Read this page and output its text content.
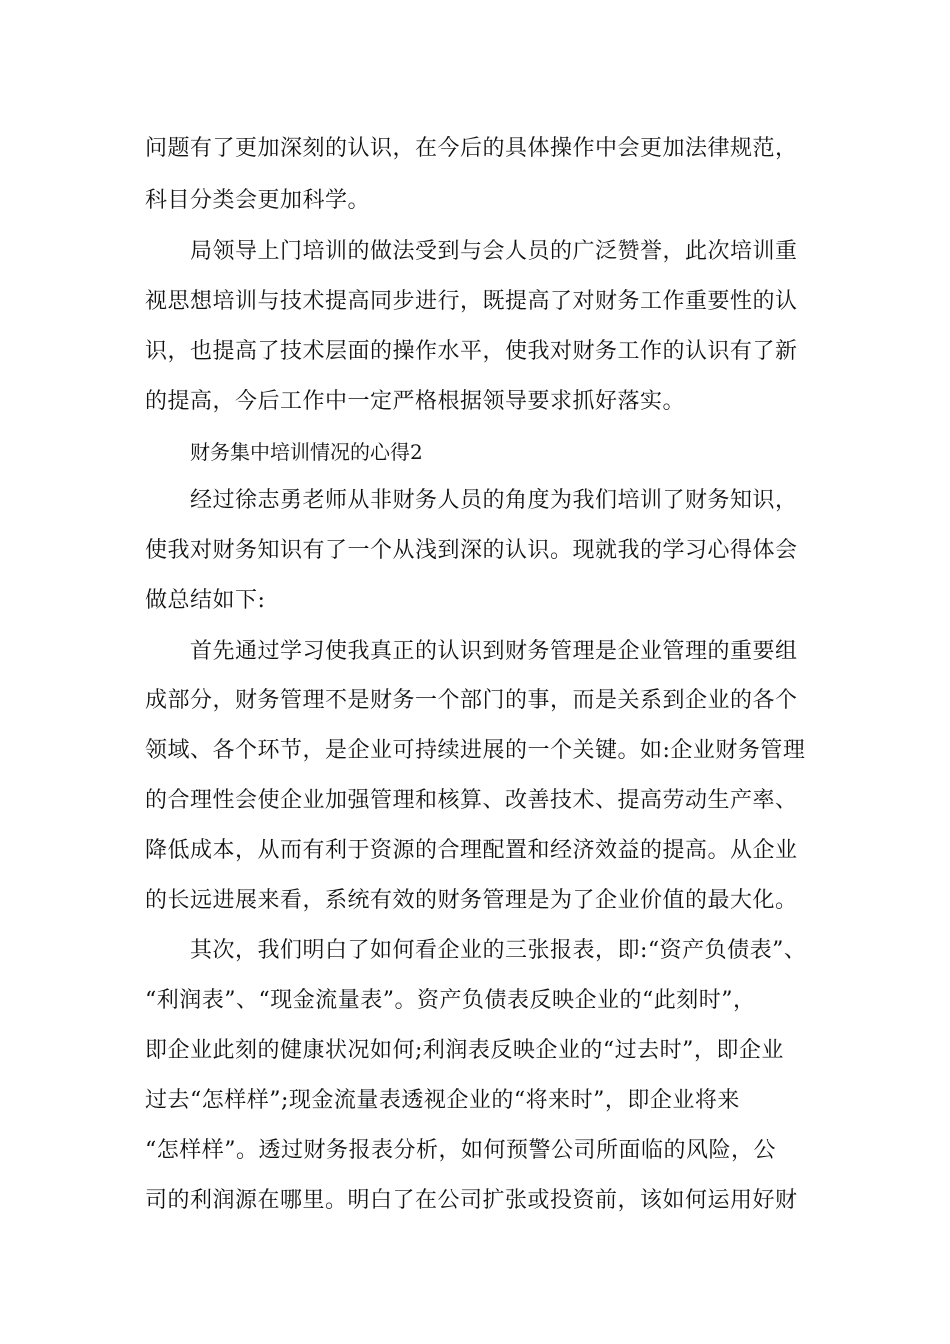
问题有了更加深刻的认识，在今后的具体操作中会更加法律规范，

科目分类会更加科学。

局领导上门培训的做法受到与会人员的广泛赞誉，此次培训重

视思想培训与技术提高同步进行，既提高了对财务工作重要性的认

识，也提高了技术层面的操作水平，使我对财务工作的认识有了新

的提高，今后工作中一定严格根据领导要求抓好落实。

财务集中培训情况的心得2

经过徐志勇老师从非财务人员的角度为我们培训了财务知识，

使我对财务知识有了一个从浅到深的认识。现就我的学习心得体会

做总结如下:

首先通过学习使我真正的认识到财务管理是企业管理的重要组

成部分，财务管理不是财务一个部门的事，而是关系到企业的各个

领域、各个环节，是企业可持续进展的一个关键。如:企业财务管理

的合理性会使企业加强管理和核算、改善技术、提高劳动生产率、

降低成本，从而有利于资源的合理配置和经济效益的提高。从企业

的长远进展来看，系统有效的财务管理是为了企业价值的最大化。

其次，我们明白了如何看企业的三张报表，即:“资产负债表”、

“利润表”、“现金流量表”。资产负债表反映企业的“此刻时”，

即企业此刻的健康状况如何;利润表反映企业的“过去时”，即企业

过去“怎样样”;现金流量表透视企业的“将来时”，即企业将来

“怎样样”。透过财务报表分析，如何预警公司所面临的风险，公

司的利润源在哪里。明白了在公司扩张或投资前，该如何运用好财
